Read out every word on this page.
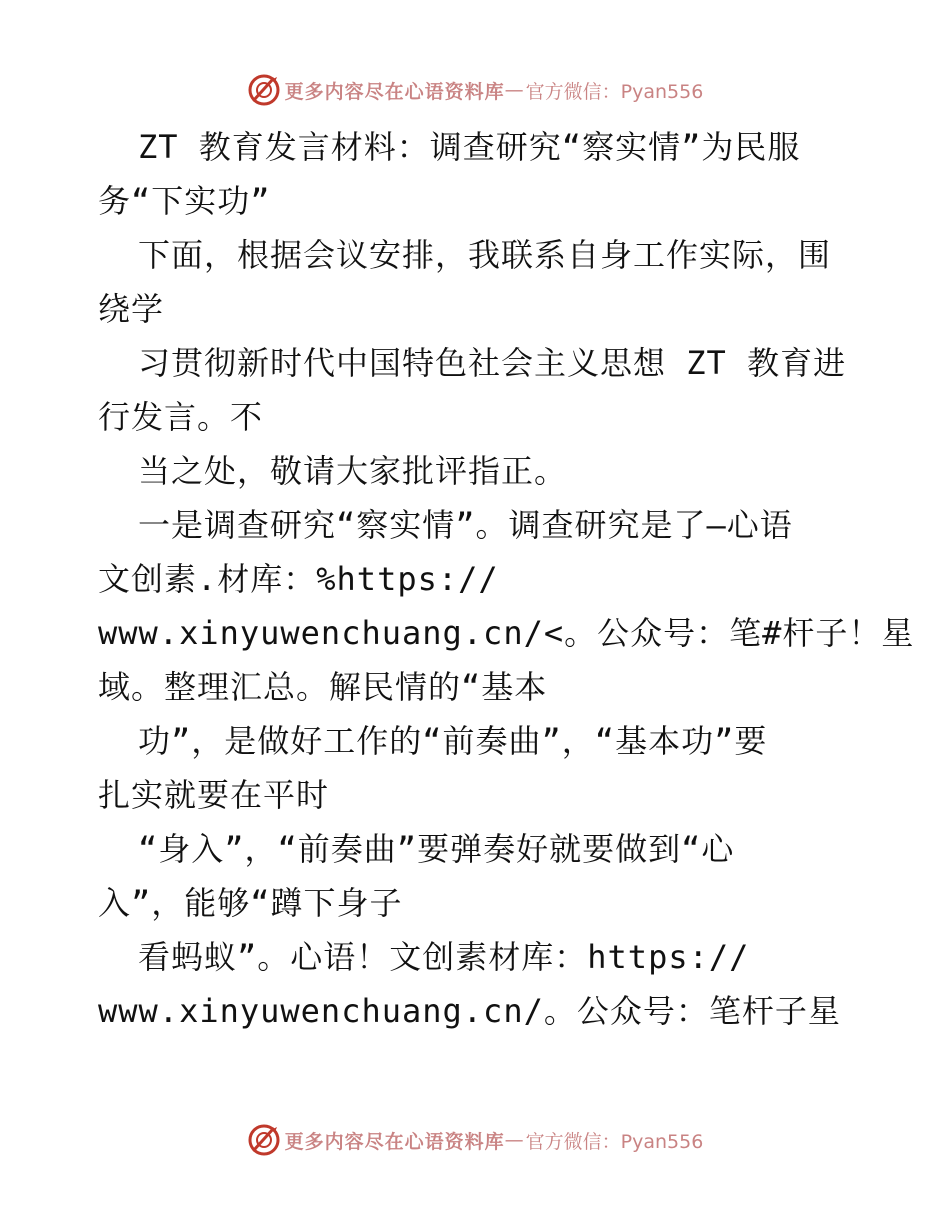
更多内容尽在心语资料库 — 官方微信：Pyan556
ZT 教育发言材料：调查研究“察实情”为民服
务“下实功”
下面，根据会议安排，我联系自身工作实际，围
绕学
习贯彻新时代中国特色社会主义思想 ZT 教育进
行发言。不
当之处，敬请大家批评指正。
一是调查研究“察实情”。调查研究是了—心语
文创素.材库：%https://
www.xinyuwenchuang.cn/<。公众号：笔#杆子！星
域。整理汇总。解民情的“基本
功”，是做好工作的“前奏曲”，“基本功”要
扎实就要在平时
“身入”，“前奏曲”要弹奏好就要做到“心
入”，能够“蹲下身子
看蚂蚁”。心语！文创素材库：https://
www.xinyuwenchuang.cn/。公众号：笔杆子星
更多内容尽在心语资料库 — 官方微信：Pyan556
